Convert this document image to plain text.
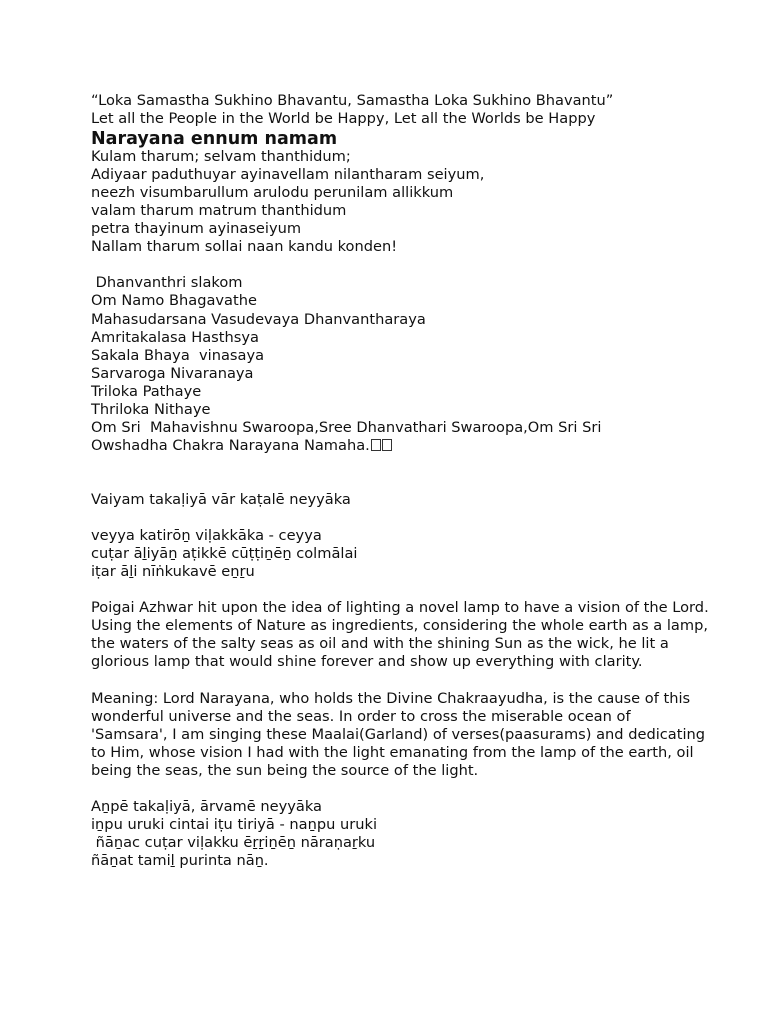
“Loka Samastha Sukhino Bhavantu, Samastha Loka Sukhino Bhavantu”
Let all the People in the World be Happy, Let all the Worlds be Happy
Narayana ennum namam
Kulam tharum; selvam thanthidum;
Adiyaar paduthuyar ayinavellam nilantharam seiyum,
neezh visumbarullum arulodu perunilam allikkum
valam tharum matrum thanthidum
petra thayinum ayinaseiyum
Nallam tharum sollai naan kandu konden!
Dhanvanthri slakom
Om Namo Bhagavathe
Mahasudarsana Vasudevaya Dhanvantharaya
Amritakalasa Hasthsya
Sakala Bhaya  vinasaya
Sarvaroga Nivaranaya
Triloka Pathaye
Thriloka Nithaye
Om Sri  Mahavishnu Swaroopa,Sree Dhanvathari Swaroopa,Om Sri Sri
Owshadha Chakra Narayana Namaha.
Vaiyam takaḷiyā vār kaṭalē neyyāka
veyya katirōṉ viḷakkāka - ceyya
cuṭar āḻiyāṉ aṭikkē cūṭṭiṉēṉ colmālai
iṭar āḻi nīṅkukavē eṉṟu
Poigai Azhwar hit upon the idea of lighting a novel lamp to have a vision of the Lord. Using the elements of Nature as ingredients, considering the whole earth as a lamp, the waters of the salty seas as oil and with the shining Sun as the wick, he lit a glorious lamp that would shine forever and show up everything with clarity.
Meaning: Lord Narayana, who holds the Divine Chakraayudha, is the cause of this wonderful universe and the seas. In order to cross the miserable ocean of 'Samsara', I am singing these Maalai(Garland) of verses(paasurams) and dedicating to Him, whose vision I had with the light emanating from the lamp of the earth, oil being the seas, the sun being the source of the light.
Aṉpē takaḷiyā, ārvamē neyyāka
iṉpu uruki cintai iṭu tiriyā - naṉpu uruki
ñāṉac cuṭar viḷakku ēṟṟiṉēṉ nāraṇaṟku
ñāṉat tamiḻ purinta nāṉ.
